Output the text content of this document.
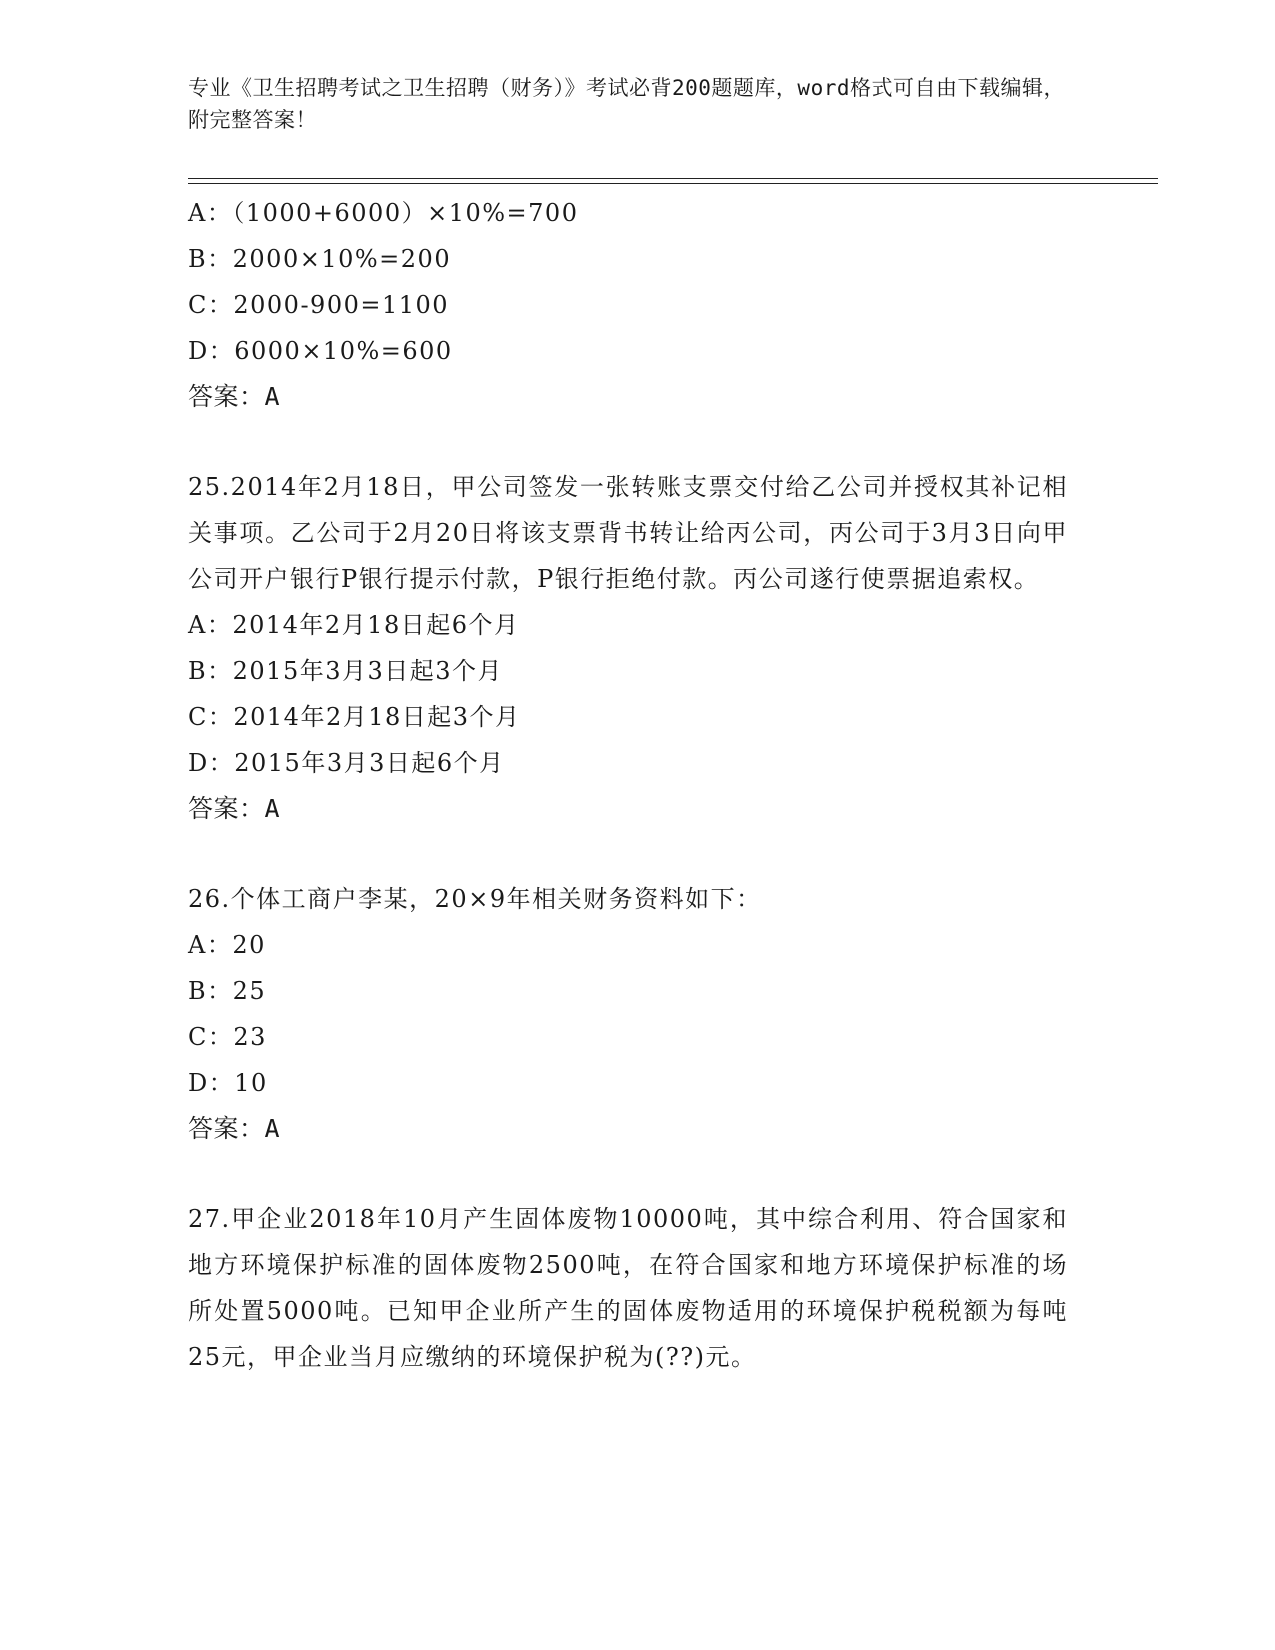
专业《卫生招聘考试之卫生招聘（财务）》考试必背200题题库，word格式可自由下载编辑，附完整答案！
A：（1000+6000）×10%=700
B：2000×10%=200
C：2000-900=1100
D：6000×10%=600
答案：A
25.2014年2月18日，甲公司签发一张转账支票交付给乙公司并授权其补记相关事项。乙公司于2月20日将该支票背书转让给丙公司，丙公司于3月3日向甲公司开户银行P银行提示付款，P银行拒绝付款。丙公司遂行使票据追索权。
A：2014年2月18日起6个月
B：2015年3月3日起3个月
C：2014年2月18日起3个月
D：2015年3月3日起6个月
答案：A
26.个体工商户李某，20×9年相关财务资料如下：
A：20
B：25
C：23
D：10
答案：A
27.甲企业2018年10月产生固体废物10000吨，其中综合利用、符合国家和地方环境保护标准的固体废物2500吨，在符合国家和地方环境保护标准的场所处置5000吨。已知甲企业所产生的固体废物适用的环境保护税税额为每吨25元，甲企业当月应缴纳的环境保护税为(??)元。
